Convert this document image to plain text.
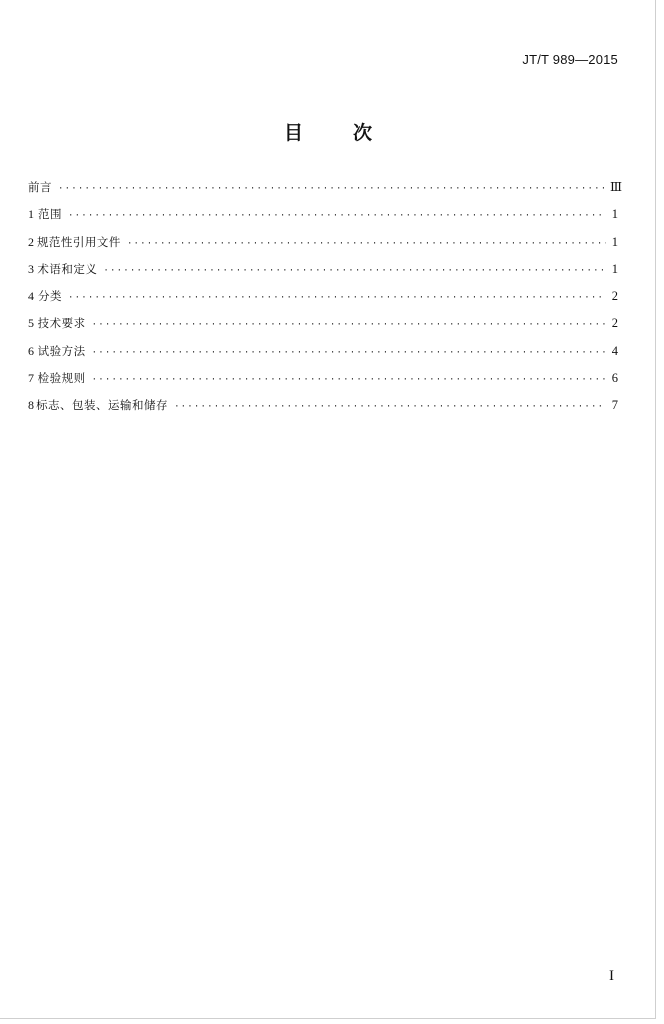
JT/T 989—2015
目	次
前言 ·····	Ⅲ
1 范围 ·····	1
2 规范性引用文件 ·····	1
3 术语和定义 ·····	1
4 分类 ·····	2
5 技术要求 ·····	2
6 试验方法 ·····	4
7 检验规则 ·····	6
8 标志、包装、运输和储存 ·····	7
I
